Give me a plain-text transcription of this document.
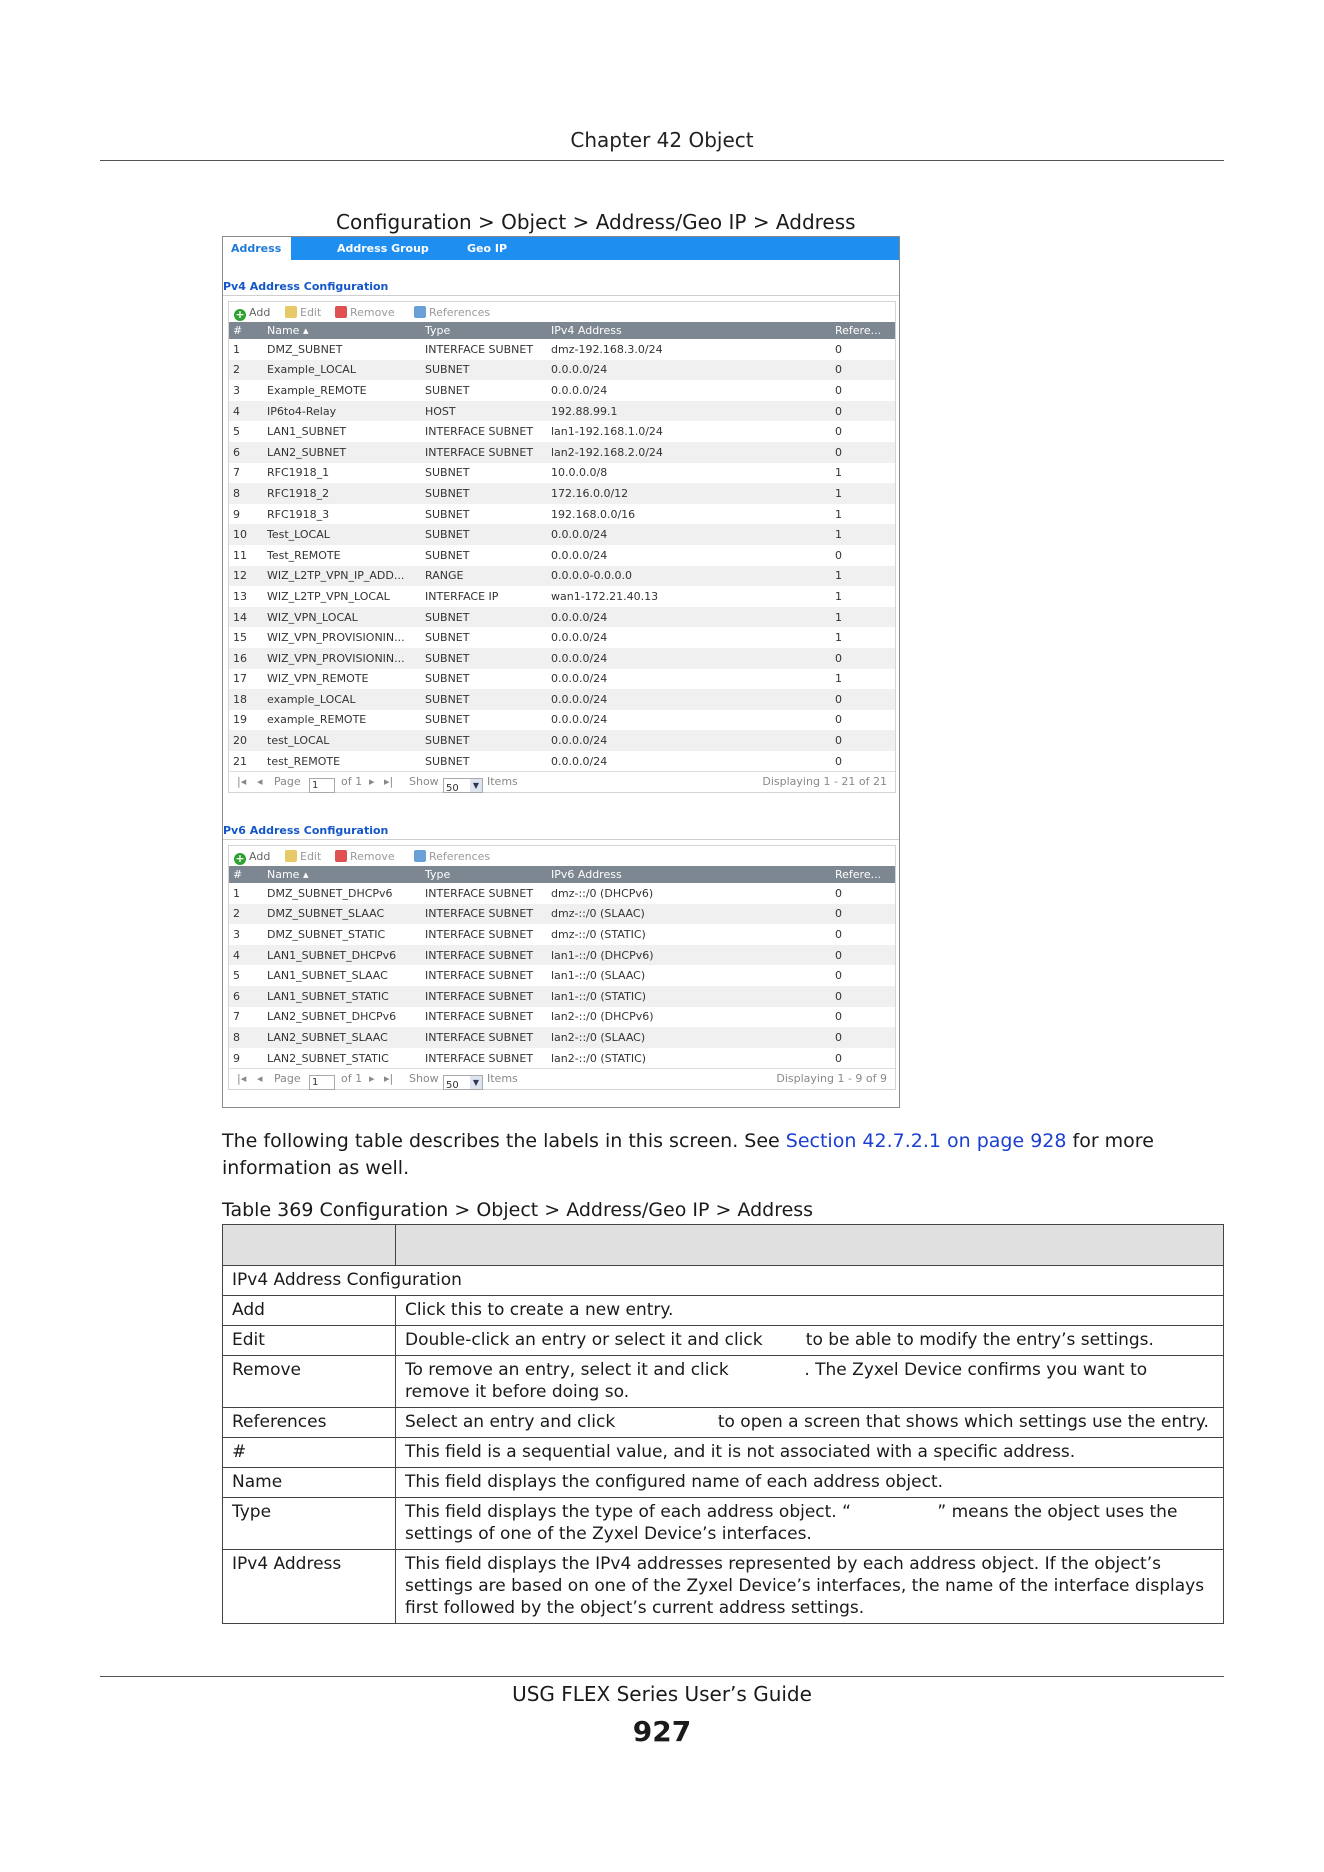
Chapter 42 Object
Configuration > Object > Address/Geo IP > Address
Address	Address Group	Geo IP
Pv4 Address Configuration
+ Add	Edit	Remove	References
#	Name ▴	Type	IPv4 Address	Refere...
1	DMZ_SUBNET	INTERFACE SUBNET	dmz-192.168.3.0/24	0
2	Example_LOCAL	SUBNET	0.0.0.0/24	0
3	Example_REMOTE	SUBNET	0.0.0.0/24	0
4	IP6to4-Relay	HOST	192.88.99.1	0
5	LAN1_SUBNET	INTERFACE SUBNET	lan1-192.168.1.0/24	0
6	LAN2_SUBNET	INTERFACE SUBNET	lan2-192.168.2.0/24	0
7	RFC1918_1	SUBNET	10.0.0.0/8	1
8	RFC1918_2	SUBNET	172.16.0.0/12	1
9	RFC1918_3	SUBNET	192.168.0.0/16	1
10	Test_LOCAL	SUBNET	0.0.0.0/24	1
11	Test_REMOTE	SUBNET	0.0.0.0/24	0
12	WIZ_L2TP_VPN_IP_ADD...	RANGE	0.0.0.0-0.0.0.0	1
13	WIZ_L2TP_VPN_LOCAL	INTERFACE IP	wan1-172.21.40.13	1
14	WIZ_VPN_LOCAL	SUBNET	0.0.0.0/24	1
15	WIZ_VPN_PROVISIONIN...	SUBNET	0.0.0.0/24	1
16	WIZ_VPN_PROVISIONIN...	SUBNET	0.0.0.0/24	0
17	WIZ_VPN_REMOTE	SUBNET	0.0.0.0/24	1
18	example_LOCAL	SUBNET	0.0.0.0/24	0
19	example_REMOTE	SUBNET	0.0.0.0/24	0
20	test_LOCAL	SUBNET	0.0.0.0/24	0
21	test_REMOTE	SUBNET	0.0.0.0/24	0
|◂ ◂ Page	1	of 1 ▸ ▸| Show
50	▼ Items	Displaying 1 - 21 of 21
Pv6 Address Configuration
+ Add	Edit	Remove	References
#	Name ▴	Type	IPv6 Address	Refere...
1	DMZ_SUBNET_DHCPv6	INTERFACE SUBNET	dmz-::/0 (DHCPv6)	0
2	DMZ_SUBNET_SLAAC	INTERFACE SUBNET	dmz-::/0 (SLAAC)	0
3	DMZ_SUBNET_STATIC	INTERFACE SUBNET	dmz-::/0 (STATIC)	0
4	LAN1_SUBNET_DHCPv6	INTERFACE SUBNET	lan1-::/0 (DHCPv6)	0
5	LAN1_SUBNET_SLAAC	INTERFACE SUBNET	lan1-::/0 (SLAAC)	0
6	LAN1_SUBNET_STATIC	INTERFACE SUBNET	lan1-::/0 (STATIC)	0
7	LAN2_SUBNET_DHCPv6	INTERFACE SUBNET	lan2-::/0 (DHCPv6)	0
8	LAN2_SUBNET_SLAAC	INTERFACE SUBNET	lan2-::/0 (SLAAC)	0
9	LAN2_SUBNET_STATIC	INTERFACE SUBNET	lan2-::/0 (STATIC)	0
|◂ ◂ Page	1	of 1 ▸ ▸| Show
50	▼ Items	Displaying 1 - 9 of 9
The following table describes the labels in this screen. See Section 42.7.2.1 on page 928 for more information as well.
Table 369 Configuration > Object > Address/Geo IP > Address

IPv4 Address Configuration	
Add	Click this to create a new entry.
Edit	Double-click an entry or select it and click        to be able to modify the entry’s settings.
Remove	To remove an entry, select it and click              . The Zyxel Device confirms you want to remove it before doing so.
References	Select an entry and click                   to open a screen that shows which settings use the entry.
#	This field is a sequential value, and it is not associated with a specific address.
Name	This field displays the configured name of each address object.
Type	This field displays the type of each address object. “                ” means the object uses the settings of one of the Zyxel Device’s interfaces.
IPv4 Address	This field displays the IPv4 addresses represented by each address object. If the object’s settings are based on one of the Zyxel Device’s interfaces, the name of the interface displays first followed by the object’s current address settings.
USG FLEX Series User’s Guide
927
